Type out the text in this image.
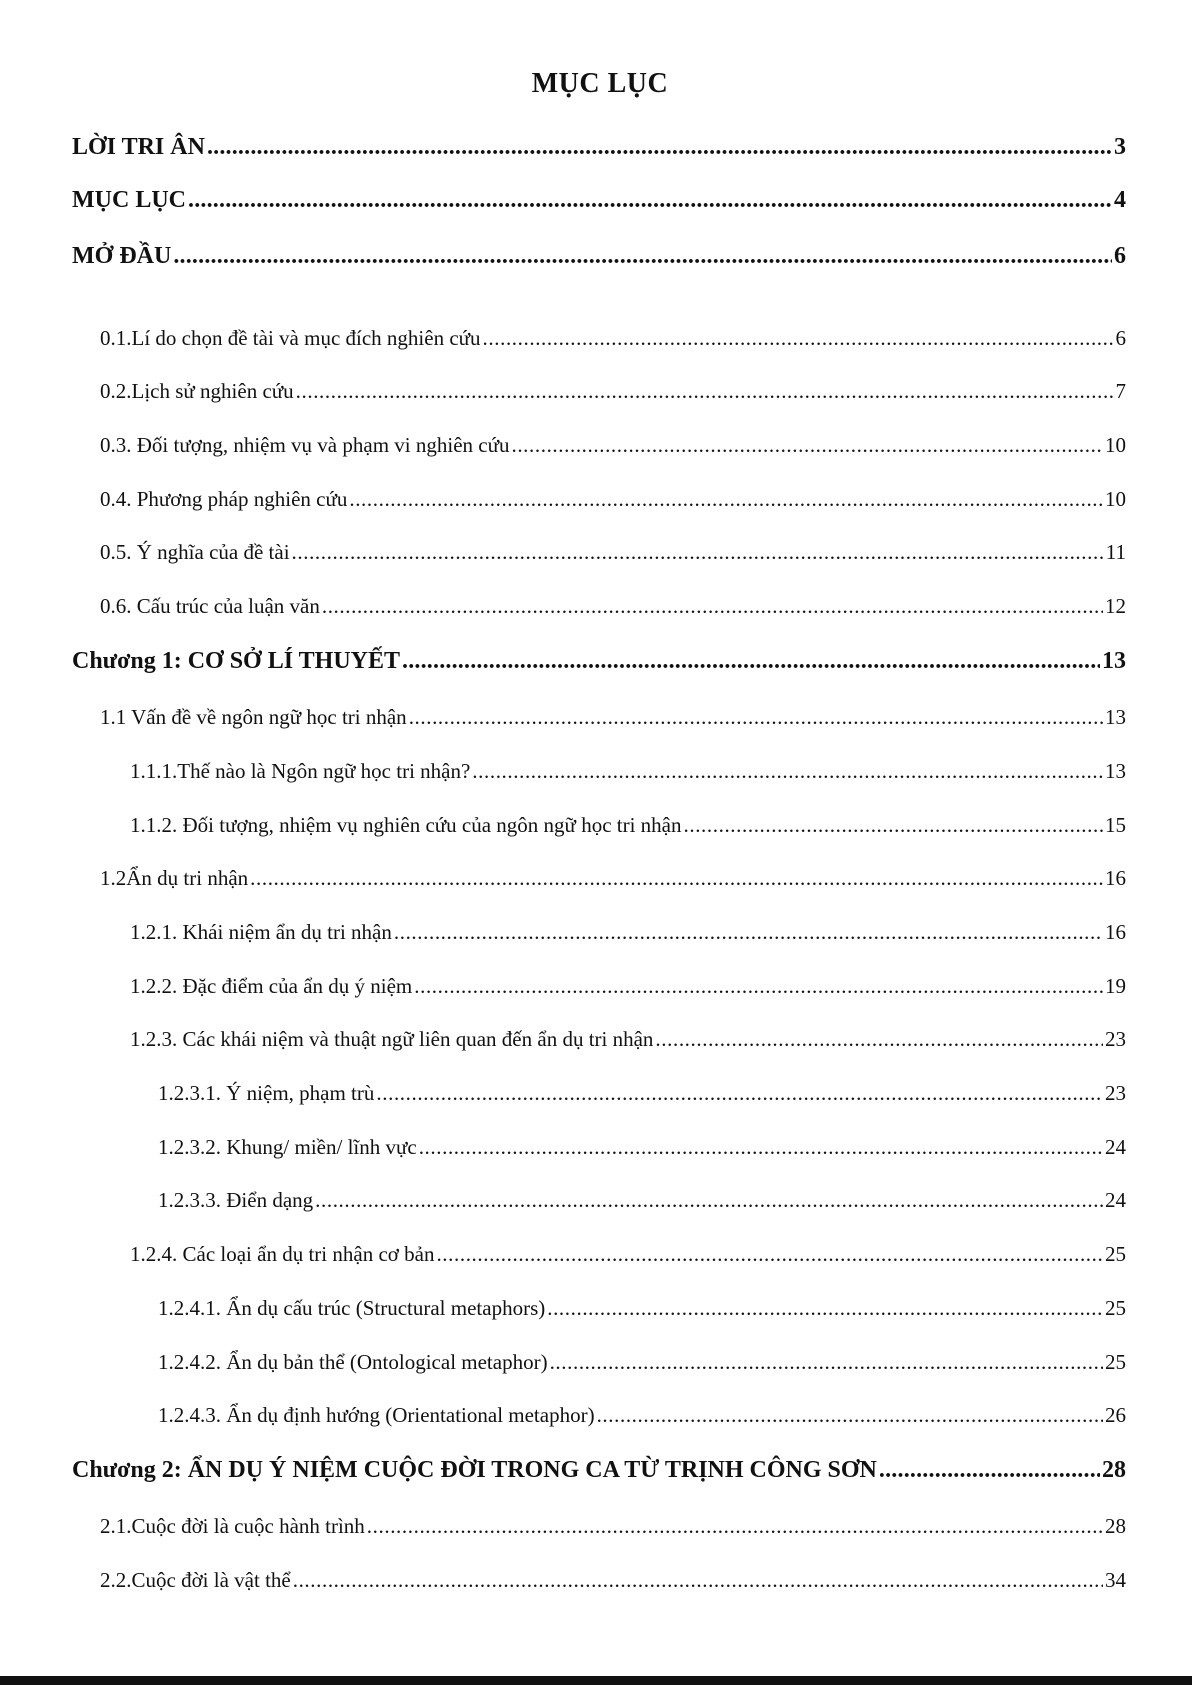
MỤC LỤC
LỜI TRI ÂN .....	3
MỤC LỤC .....	4
MỞ ĐẦU .....	6
0.1.Lí do chọn đề tài và mục đích nghiên cứu .....	6
0.2.Lịch sử nghiên cứu .....	7
0.3. Đối tượng, nhiệm vụ và phạm vi nghiên cứu .....	10
0.4. Phương pháp nghiên cứu .....	10
0.5. Ý nghĩa của đề tài .....	11
0.6. Cấu trúc của luận văn .....	12
Chương 1: CƠ SỞ LÍ THUYẾT .....	13
1.1 Vấn đề về ngôn ngữ học tri nhận .....	13
1.1.1.Thế nào là Ngôn ngữ học tri nhận? .....	13
1.1.2. Đối tượng, nhiệm vụ nghiên cứu của ngôn ngữ học tri nhận .....	15
1.2Ẩn dụ tri nhận .....	16
1.2.1. Khái niệm ẩn dụ tri nhận .....	16
1.2.2. Đặc điểm của ẩn dụ ý niệm .....	19
1.2.3. Các khái niệm và thuật ngữ liên quan đến ẩn dụ tri nhận .....	23
1.2.3.1. Ý niệm, phạm trù .....	23
1.2.3.2. Khung/ miền/ lĩnh vực .....	24
1.2.3.3. Điển dạng .....	24
1.2.4. Các loại ẩn dụ tri nhận cơ bản .....	25
1.2.4.1. Ẩn dụ cấu trúc (Structural metaphors) .....	25
1.2.4.2. Ẩn dụ bản thể (Ontological metaphor) .....	25
1.2.4.3. Ẩn dụ định hướng (Orientational metaphor) .....	26
Chương 2: ẨN DỤ Ý NIỆM CUỘC ĐỜI TRONG CA TỪ TRỊNH CÔNG SƠN .....	28
2.1.Cuộc đời là cuộc hành trình .....	28
2.2.Cuộc đời là vật thể .....	34
